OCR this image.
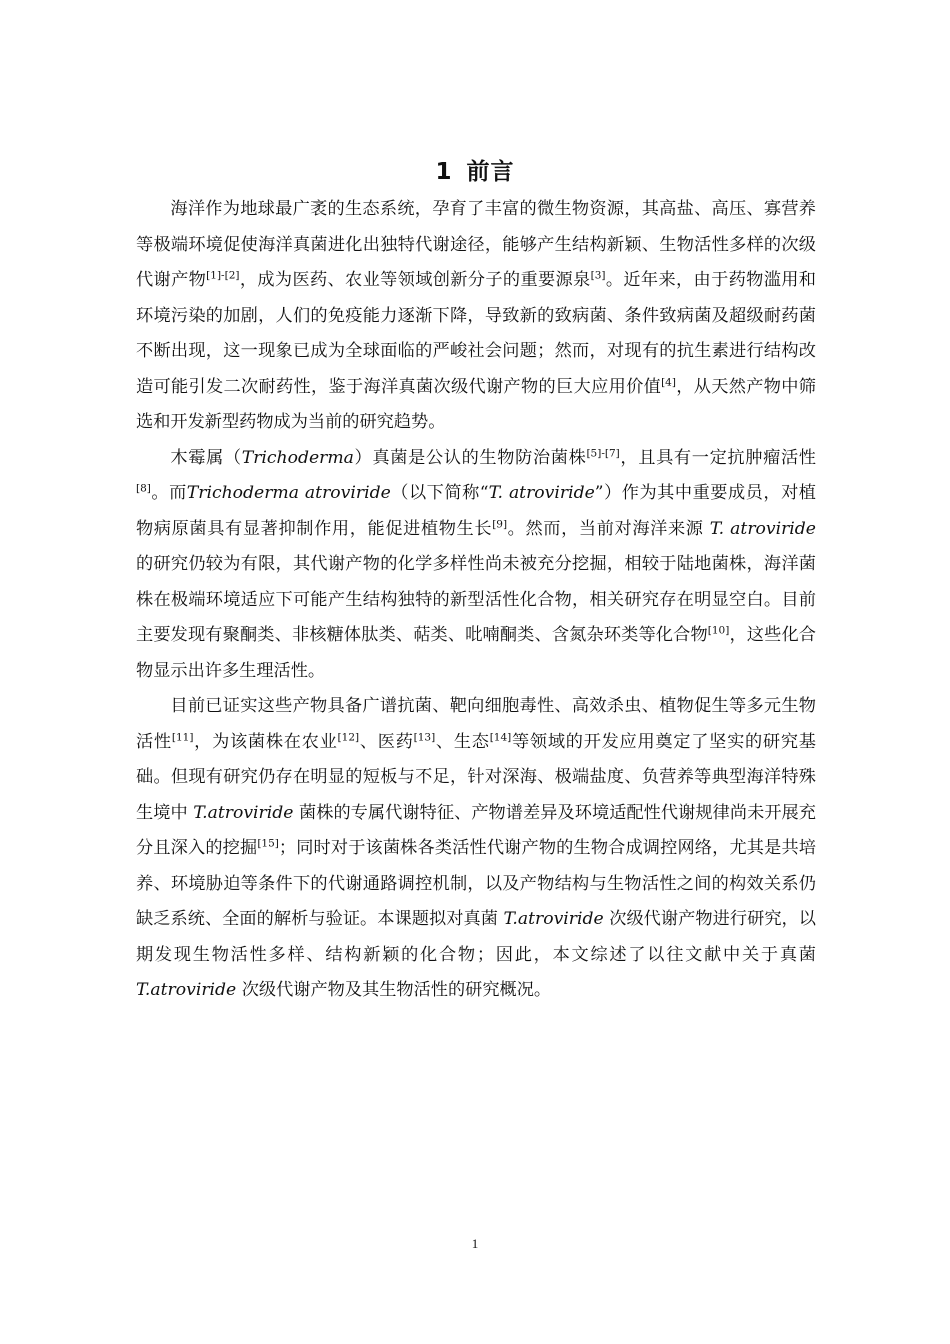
1 前言

海洋作为地球最广袤的生态系统，孕育了丰富的微生物资源，其高盐、高压、寡营养等极端环境促使海洋真菌进化出独特代谢途径，能够产生结构新颖、生物活性多样的次级代谢产物[1]-[2]，成为医药、农业等领域创新分子的重要源泉[3]。近年来，由于药物滥用和环境污染的加剧，人们的免疫能力逐渐下降，导致新的致病菌、条件致病菌及超级耐药菌不断出现，这一现象已成为全球面临的严峻社会问题；然而，对现有的抗生素进行结构改造可能引发二次耐药性，鉴于海洋真菌次级代谢产物的巨大应用价值[4]，从天然产物中筛选和开发新型药物成为当前的研究趋势。

木霉属（Trichoderma）真菌是公认的生物防治菌株[5]-[7]，且具有一定抗肿瘤活性[8]。而Trichoderma atroviride（以下简称“T. atroviride”）作为其中重要成员，对植物病原菌具有显著抑制作用，能促进植物生长[9]。然而，当前对海洋来源 T. atroviride 的研究仍较为有限，其代谢产物的化学多样性尚未被充分挖掘，相较于陆地菌株，海洋菌株在极端环境适应下可能产生结构独特的新型活性化合物，相关研究存在明显空白。目前主要发现有聚酮类、非核糖体肽类、萜类、吡喃酮类、含氮杂环类等化合物[10]，这些化合物显示出许多生理活性。

目前已证实这些产物具备广谱抗菌、靶向细胞毒性、高效杀虫、植物促生等多元生物活性[11]，为该菌株在农业[12]、医药[13]、生态[14]等领域的开发应用奠定了坚实的研究基础。但现有研究仍存在明显的短板与不足，针对深海、极端盐度、负营养等典型海洋特殊生境中 T.atroviride 菌株的专属代谢特征、产物谱差异及环境适配性代谢规律尚未开展充分且深入的挖掘[15]；同时对于该菌株各类活性代谢产物的生物合成调控网络，尤其是共培养、环境胁迫等条件下的代谢通路调控机制，以及产物结构与生物活性之间的构效关系仍缺乏系统、全面的解析与验证。本课题拟对真菌 T.atroviride 次级代谢产物进行研究，以期发现生物活性多样、结构新颖的化合物；因此，本文综述了以往文献中关于真菌 T.atroviride 次级代谢产物及其生物活性的研究概况。

1
